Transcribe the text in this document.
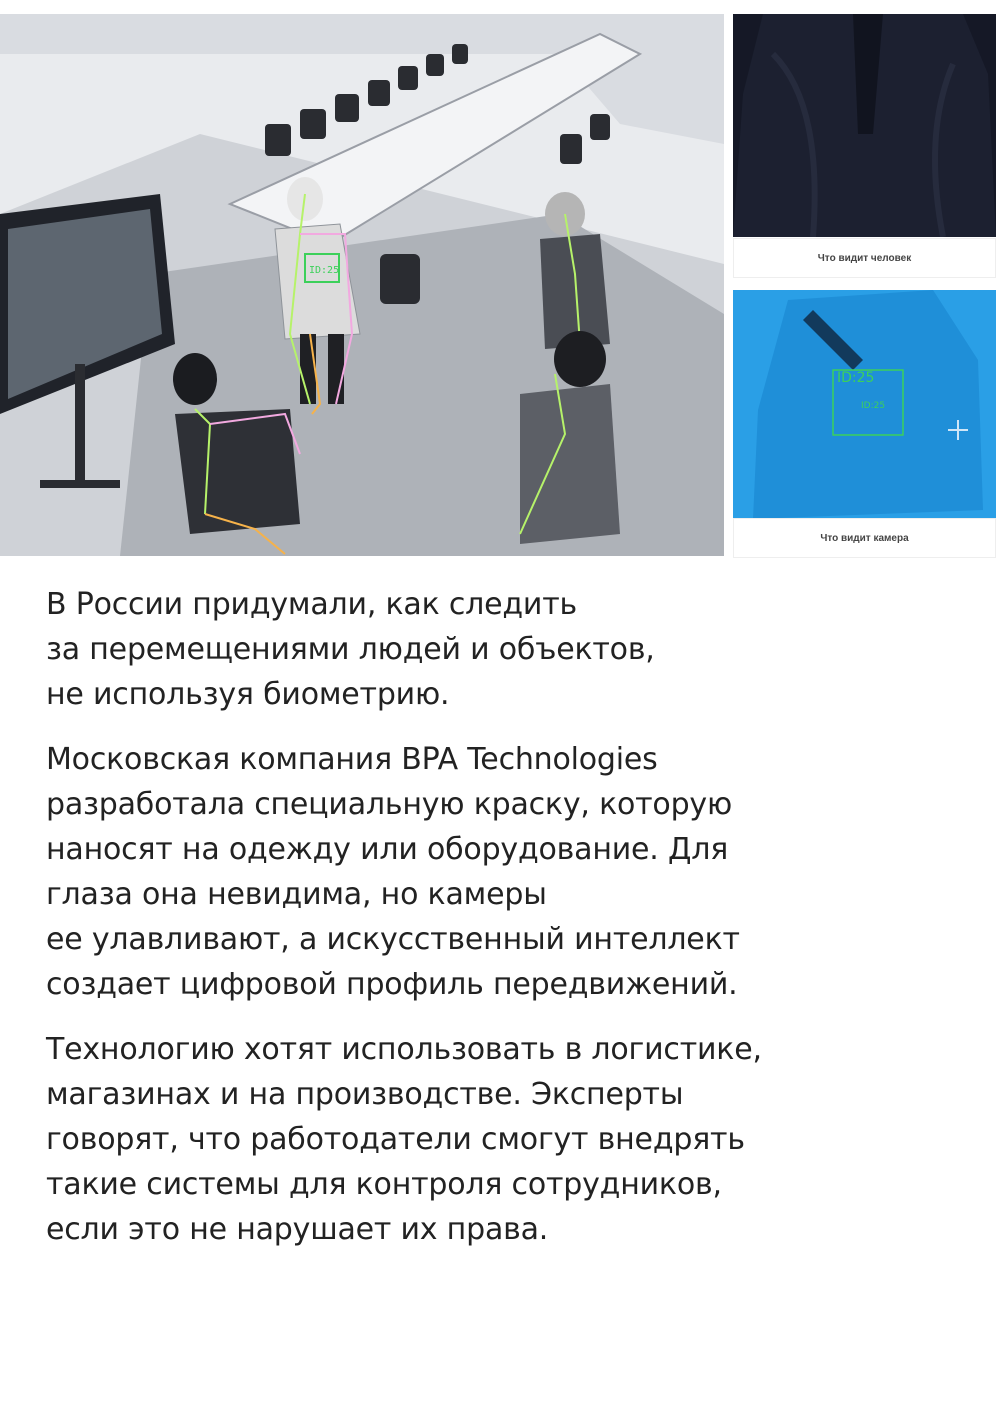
ID:25
Что видит человек
ID:25
ID:25
Что видит камера

В России придумали, как следить
за перемещениями людей и объектов,
не используя биометрию.

Московская компания BPA Technologies
разработала специальную краску, которую
наносят на одежду или оборудование. Для
глаза она невидима, но камеры
ее улавливают, а искусственный интеллект
создает цифровой профиль передвижений.

Технологию хотят использовать в логистике,
магазинах и на производстве. Эксперты
говорят, что работодатели смогут внедрять
такие системы для контроля сотрудников,
если это не нарушает их права.
